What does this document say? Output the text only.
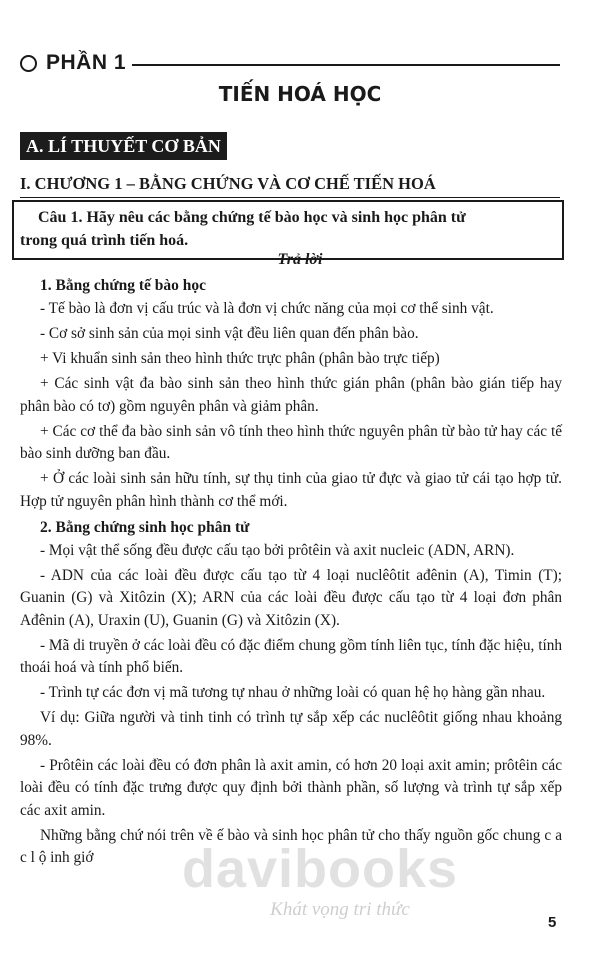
PHẦN 1
TIẾN HOÁ HỌC
A. LÍ THUYẾT CƠ BẢN
I. CHƯƠNG 1 – BẰNG CHỨNG VÀ CƠ CHẾ TIẾN HOÁ
Câu 1. Hãy nêu các bằng chứng tế bào học và sinh học phân tử
trong quá trình tiến hoá.
Trả lời
1. Bằng chứng tế bào học

- Tế bào là đơn vị cấu trúc và là đơn vị chức năng của mọi cơ thể sinh vật.

- Cơ sở sinh sản của mọi sinh vật đều liên quan đến phân bào.

+ Vi khuẩn sinh sản theo hình thức trực phân (phân bào trực tiếp)

+ Các sinh vật đa bào sinh sản theo hình thức gián phân (phân bào gián tiếp hay phân bào có tơ) gồm nguyên phân và giảm phân.

+ Các cơ thể đa bào sinh sản vô tính theo hình thức nguyên phân từ bào tử hay các tế bào sinh dưỡng ban đầu.

+ Ở các loài sinh sản hữu tính, sự thụ tinh của giao tử đực và giao tử cái tạo hợp tử. Hợp tử nguyên phân hình thành cơ thể mới.

2. Bằng chứng sinh học phân tử

- Mọi vật thể sống đều được cấu tạo bởi prôtêin và axit nucleic (ADN, ARN).

- ADN của các loài đều được cấu tạo từ 4 loại nuclêôtit ađênin (A), Timin (T); Guanin (G) và Xitôzin (X); ARN của các loài đều được cấu tạo từ 4 loại đơn phân Ađênin (A), Uraxin (U), Guanin (G) và Xitôzin (X).

- Mã di truyền ở các loài đều có đặc điểm chung gồm tính liên tục, tính đặc hiệu, tính thoái hoá và tính phổ biến.

- Trình tự các đơn vị mã tương tự nhau ở những loài có quan hệ họ hàng gần nhau.

Ví dụ: Giữa người và tinh tinh có trình tự sắp xếp các nuclêôtit giống nhau khoảng 98%.

- Prôtêin các loài đều có đơn phân là axit amin, có hơn 20 loại axit amin; prôtêin các loài đều có tính đặc trưng được quy định bởi thành phần, số lượng và trình tự sắp xếp các axit amin.

Những bằng chứ nói trên về ế bào và sinh học phân tử cho thấy nguồn gốc chung c a c l ộ inh giớ	davibooks
Khát vọng tri thức
5
